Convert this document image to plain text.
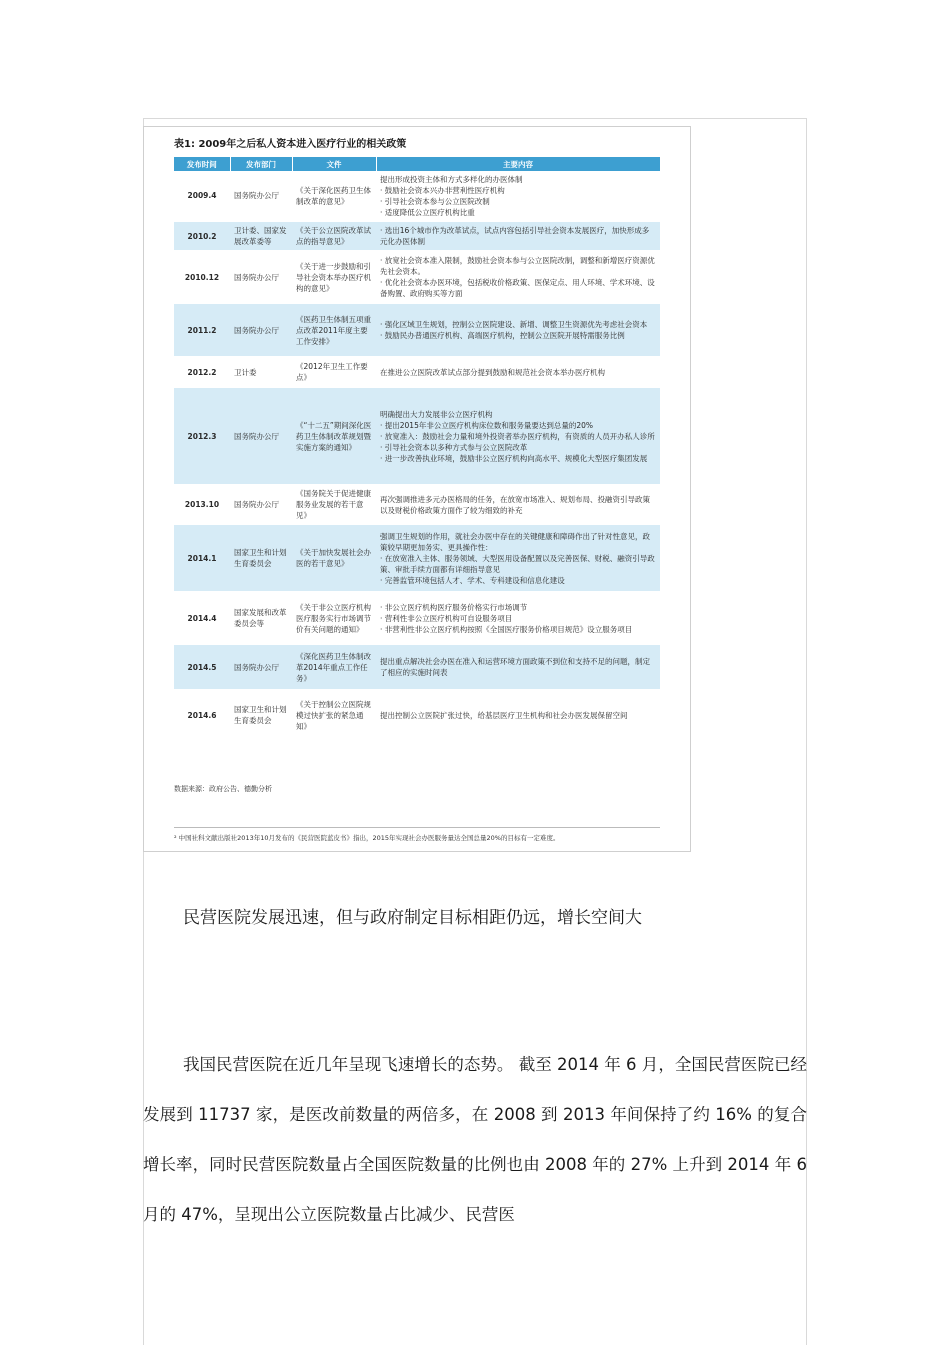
表1: 2009年之后私人资本进入医疗行业的相关政策
发布时间	发布部门	文件	主要内容
2009.4	国务院办公厅	《关于深化医药卫生体制改革的意见》	提出形成投资主体和方式多样化的办医体制
· 鼓励社会资本兴办非营利性医疗机构
· 引导社会资本参与公立医院改制
· 适度降低公立医疗机构比重

2010.2	卫计委、国家发展改革委等	《关于公立医院改革试点的指导意见》	· 选出16个城市作为改革试点，试点内容包括引导社会资本发展医疗，加快形成多元化办医体制

2010.12	国务院办公厅	《关于进一步鼓励和引导社会资本举办医疗机构的意见》	· 放宽社会资本准入限制，鼓励社会资本参与公立医院改制，调整和新增医疗资源优先社会资本。
· 优化社会资本办医环境，包括税收价格政策、医保定点、用人环境、学术环境、设备购置、政府购买等方面

2011.2	国务院办公厅	《医药卫生体制五项重点改革2011年度主要工作安排》	· 强化区域卫生规划，控制公立医院建设、新增、调整卫生资源优先考虑社会资本
· 鼓励民办普通医疗机构、高端医疗机构，控制公立医院开展特需服务比例

2012.2	卫计委	《2012年卫生工作要点》	在推进公立医院改革试点部分提到鼓励和规范社会资本举办医疗机构

2012.3	国务院办公厅	《“十二五”期间深化医药卫生体制改革规划暨实施方案的通知》	明确提出大力发展非公立医疗机构
· 提出2015年非公立医疗机构床位数和服务量要达到总量的20%
· 放宽准入：鼓励社会力量和境外投资者举办医疗机构，有资质的人员开办私人诊所
· 引导社会资本以多种方式参与公立医院改革
· 进一步改善执业环境，鼓励非公立医疗机构向高水平、规模化大型医疗集团发展

2013.10	国务院办公厅	《国务院关于促进健康服务业发展的若干意见》	再次强调推进多元办医格局的任务，在放宽市场准入、规划布局、投融资引导政策以及财税价格政策方面作了较为细致的补充

2014.1	国家卫生和计划生育委员会	《关于加快发展社会办医的若干意见》	强调卫生规划的作用，就社会办医中存在的关键健康和障碍作出了针对性意见，政策较早期更加务实、更具操作性：
· 在放宽准入主体、服务领域、大型医用设备配置以及完善医保、财税、融资引导政策、审批手续方面都有详细指导意见
· 完善监管环境包括人才、学术、专科建设和信息化建设

2014.4	国家发展和改革委员会等	《关于非公立医疗机构医疗服务实行市场调节价有关问题的通知》	· 非公立医疗机构医疗服务价格实行市场调节
· 营利性非公立医疗机构可自设服务项目
· 非营利性非公立医疗机构按照《全国医疗服务价格项目规范》设立服务项目

2014.5	国务院办公厅	《深化医药卫生体制改革2014年重点工作任务》	提出重点解决社会办医在准入和运营环境方面政策不到位和支持不足的问题，制定了相应的实施时间表

2014.6	国家卫生和计划生育委员会	《关于控制公立医院规模过快扩张的紧急通知》	提出控制公立医院扩张过快，给基层医疗卫生机构和社会办医发展保留空间
数据来源：政府公告、德勤分析
² 中国社科文献出版社2013年10月发布的《民营医院蓝皮书》指出，2015年实现社会办医服务量达全国总量20%的目标有一定难度。
民营医院发展迅速，但与政府制定目标相距仍远，增长空间大
我国民营医院在近几年呈现飞速增长的态势。 截至 2014 年 6 月，全国民营医院已经发展到 11737 家，是医改前数量的两倍多，在 2008 到 2013 年间保持了约 16% 的复合增长率，同时民营医院数量占全国医院数量的比例也由 2008 年的 27% 上升到 2014 年 6 月的 47%，呈现出公立医院数量占比减少、民营医
